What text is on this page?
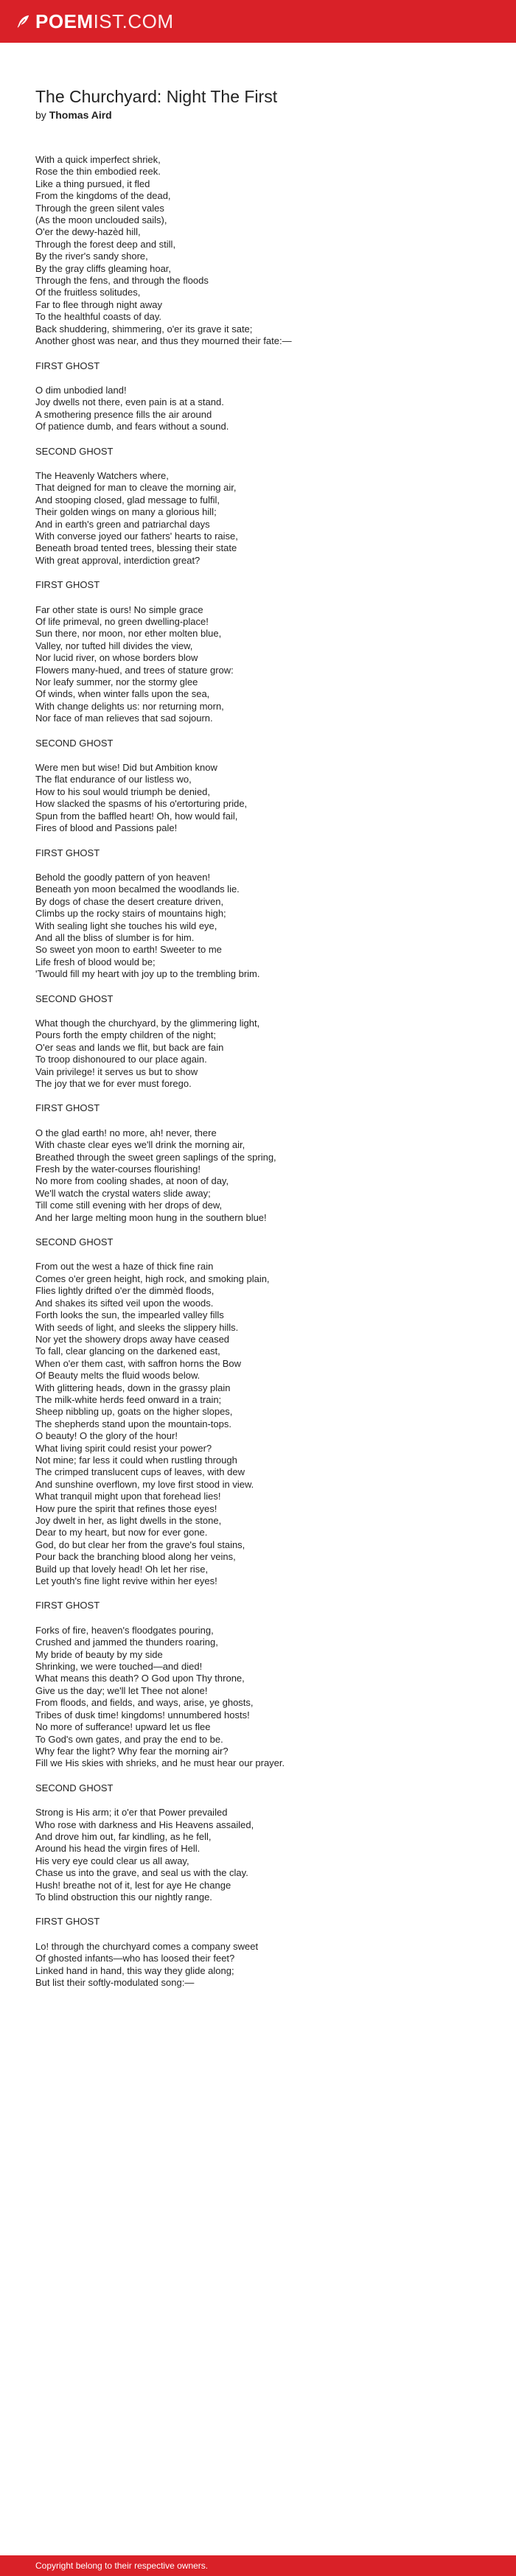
POEM IST.COM
The Churchyard: Night The First
by Thomas Aird

With a quick imperfect shriek,
Rose the thin embodied reek.
Like a thing pursued, it fled
From the kingdoms of the dead,
Through the green silent vales
(As the moon unclouded sails),
O'er the dewy-hazèd hill,
Through the forest deep and still,
By the river's sandy shore,
By the gray cliffs gleaming hoar,
Through the fens, and through the floods
Of the fruitless solitudes,
Far to flee through night away
To the healthful coasts of day.
Back shuddering, shimmering, o'er its grave it sate;
Another ghost was near, and thus they mourned their fate:—

FIRST GHOST

O dim unbodied land!
Joy dwells not there, even pain is at a stand.
A smothering presence fills the air around
Of patience dumb, and fears without a sound.

SECOND GHOST

The Heavenly Watchers where,
That deigned for man to cleave the morning air,
And stooping closed, glad message to fulfil,
Their golden wings on many a glorious hill;
And in earth's green and patriarchal days
With converse joyed our fathers' hearts to raise,
Beneath broad tented trees, blessing their state
With great approval, interdiction great?

FIRST GHOST

Far other state is ours! No simple grace
Of life primeval, no green dwelling-place!
Sun there, nor moon, nor ether molten blue,
Valley, nor tufted hill divides the view,
Nor lucid river, on whose borders blow
Flowers many-hued, and trees of stature grow:
Nor leafy summer, nor the stormy glee
Of winds, when winter falls upon the sea,
With change delights us: nor returning morn,
Nor face of man relieves that sad sojourn.

SECOND GHOST

Were men but wise! Did but Ambition know
The flat endurance of our listless wo,
How to his soul would triumph be denied,
How slacked the spasms of his o'ertorturing pride,
Spun from the baffled heart! Oh, how would fail,
Fires of blood and Passions pale!

FIRST GHOST

Behold the goodly pattern of yon heaven!
Beneath yon moon becalmed the woodlands lie.
By dogs of chase the desert creature driven,
Climbs up the rocky stairs of mountains high;
With sealing light she touches his wild eye,
And all the bliss of slumber is for him.
So sweet yon moon to earth! Sweeter to me
Life fresh of blood would be;
'Twould fill my heart with joy up to the trembling brim.

SECOND GHOST

What though the churchyard, by the glimmering light,
Pours forth the empty children of the night;
O'er seas and lands we flit, but back are fain
To troop dishonoured to our place again.
Vain privilege! it serves us but to show
The joy that we for ever must forego.

FIRST GHOST

O the glad earth! no more, ah! never, there
With chaste clear eyes we'll drink the morning air,
Breathed through the sweet green saplings of the spring,
Fresh by the water-courses flourishing!
No more from cooling shades, at noon of day,
We'll watch the crystal waters slide away;
Till come still evening with her drops of dew,
And her large melting moon hung in the southern blue!

SECOND GHOST

From out the west a haze of thick fine rain
Comes o'er green height, high rock, and smoking plain,
Flies lightly drifted o'er the dimmèd floods,
And shakes its sifted veil upon the woods.
Forth looks the sun, the impearled valley fills
With seeds of light, and sleeks the slippery hills.
Nor yet the showery drops away have ceased
To fall, clear glancing on the darkened east,
When o'er them cast, with saffron horns the Bow
Of Beauty melts the fluid woods below.
With glittering heads, down in the grassy plain
The milk-white herds feed onward in a train;
Sheep nibbling up, goats on the higher slopes,
The shepherds stand upon the mountain-tops.
O beauty! O the glory of the hour!
What living spirit could resist your power?
Not mine; far less it could when rustling through
The crimped translucent cups of leaves, with dew
And sunshine overflown, my love first stood in view.
What tranquil might upon that forehead lies!
How pure the spirit that refines those eyes!
Joy dwelt in her, as light dwells in the stone,
Dear to my heart, but now for ever gone.
God, do but clear her from the grave's foul stains,
Pour back the branching blood along her veins,
Build up that lovely head! Oh let her rise,
Let youth's fine light revive within her eyes!

FIRST GHOST

Forks of fire, heaven's floodgates pouring,
Crushed and jammed the thunders roaring,
My bride of beauty by my side
Shrinking, we were touched—and died!
What means this death? O God upon Thy throne,
Give us the day; we'll let Thee not alone!
From floods, and fields, and ways, arise, ye ghosts,
Tribes of dusk time! kingdoms! unnumbered hosts!
No more of sufferance! upward let us flee
To God's own gates, and pray the end to be.
Why fear the light? Why fear the morning air?
Fill we His skies with shrieks, and he must hear our prayer.

SECOND GHOST

Strong is His arm; it o'er that Power prevailed
Who rose with darkness and His Heavens assailed,
And drove him out, far kindling, as he fell,
Around his head the virgin fires of Hell.
His very eye could clear us all away,
Chase us into the grave, and seal us with the clay.
Hush! breathe not of it, lest for aye He change
To blind obstruction this our nightly range.

FIRST GHOST

Lo! through the churchyard comes a company sweet
Of ghosted infants—who has loosed their feet?
Linked hand in hand, this way they glide along;
But list their softly-modulated song:—

Copyright belong to their respective owners.
